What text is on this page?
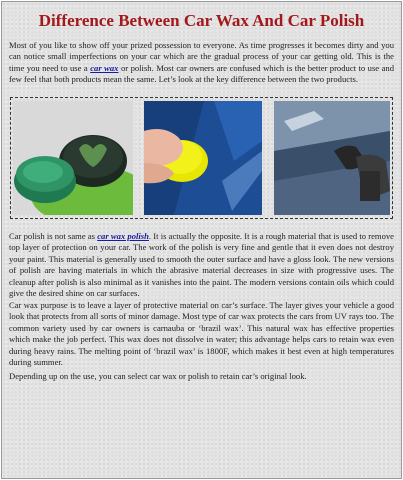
Difference Between Car Wax And Car Polish

Most of you like to show off your prized possession to everyone. As time progresses it becomes dirty and you can notice small imperfections on your car which are the gradual process of your car getting old. This is the time you need to use a car wax or polish. Most car owners are confused which is the better product to use and few feel that both products mean the same. Let’s look at the key difference between the two products.

Car polish is not same as car wax polish. It is actually the opposite. It is a rough material that is used to remove top layer of protection on your car. The work of the polish is very fine and gentle that it even does not destroy your paint. This material is generally used to smooth the outer surface and have a gloss look. The new versions of polish are having materials in which the abrasive material decreases in size with progressive uses. The cleanup after polish is also minimal as it vanishes into the paint. The modern versions contain oils which could give the desired shine on car surfaces.

Car wax purpose is to leave a layer of protective material on car’s surface. The layer gives your vehicle a good look that protects from all sorts of minor damage. Most type of car wax protects the cars from UV rays too. The common variety used by car owners is carnauba or ‘brazil wax’. This natural wax has effective properties which make the job perfect. This wax does not dissolve in water; this advantage helps cars to retain wax even during heavy rains. The melting point of ‘brazil wax’ is 1800F, which makes it best even at high temperatures during summer.

Depending up on the use, you can select car wax or polish to retain car’s original look.
